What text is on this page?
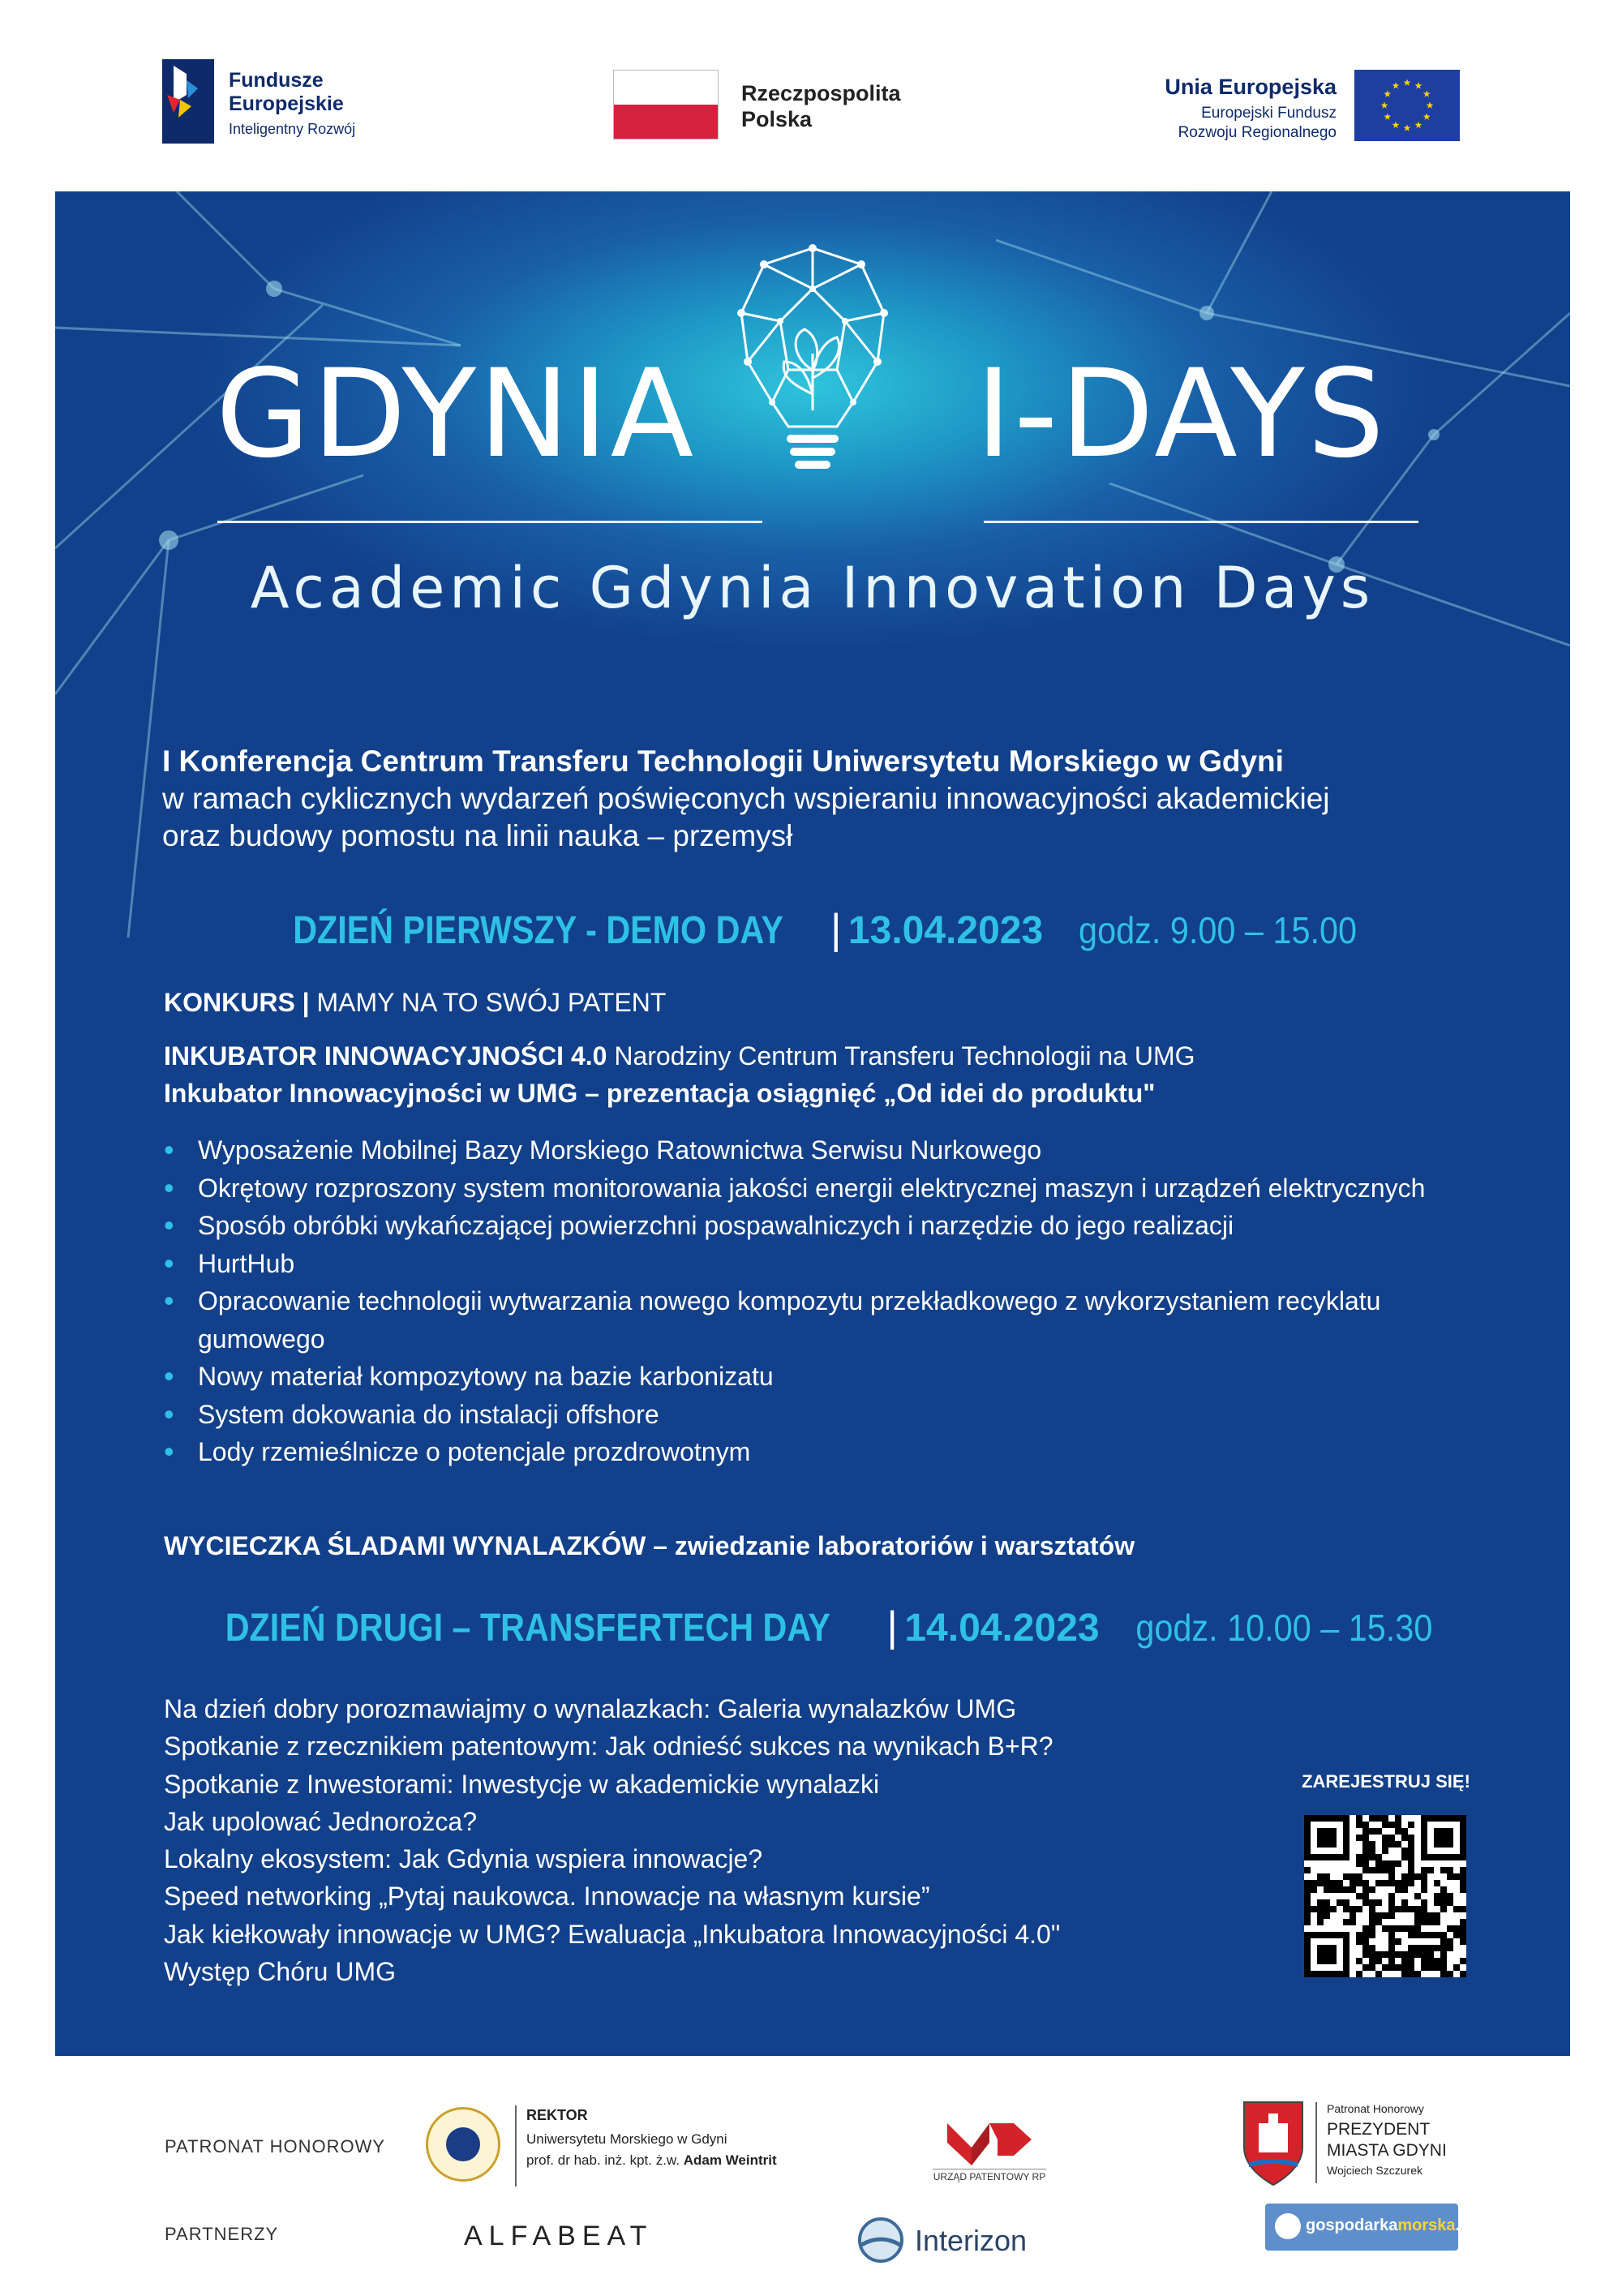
Fundusze
Europejskie
Inteligentny Rozwój
Rzeczpospolita
Polska
Unia Europejska
Europejski Fundusz
Rozwoju Regionalnego
GDYNIA I-DAYS
Academic Gdynia Innovation Days
I Konferencja Centrum Transferu Technologii Uniwersytetu Morskiego w Gdyni
w ramach cyklicznych wydarzeń poświęconych wspieraniu innowacyjności akademickiej
oraz budowy pomostu na linii nauka – przemysł
DZIEŃ PIERWSZY - DEMO DAY | 13.04.2023 godz. 9.00 – 15.00
KONKURS | MAMY NA TO SWÓJ PATENT
INKUBATOR INNOWACYJNOŚCI 4.0 Narodziny Centrum Transferu Technologii na UMG
Inkubator Innowacyjności w UMG – prezentacja osiągnięć „Od idei do produktu"
• Wyposażenie Mobilnej Bazy Morskiego Ratownictwa Serwisu Nurkowego
• Okrętowy rozproszony system monitorowania jakości energii elektrycznej maszyn i urządzeń elektrycznych
• Sposób obróbki wykańczającej powierzchni pospawalniczych i narzędzie do jego realizacji
• HurtHub
• Opracowanie technologii wytwarzania nowego kompozytu przekładkowego z wykorzystaniem recyklatu gumowego
• Nowy materiał kompozytowy na bazie karbonizatu
• System dokowania do instalacji offshore
• Lody rzemieślnicze o potencjale prozdrowotnym
WYCIECZKA ŚLADAMI WYNALAZKÓW – zwiedzanie laboratoriów i warsztatów
DZIEŃ DRUGI – TRANSFERTECH DAY | 14.04.2023 godz. 10.00 – 15.30
Na dzień dobry porozmawiajmy o wynalazkach: Galeria wynalazków UMG
Spotkanie z rzecznikiem patentowym: Jak odnieść sukces na wynikach B+R?
Spotkanie z Inwestorami: Inwestycje w akademickie wynalazki
Jak upolować Jednorożca?
Lokalny ekosystem: Jak Gdynia wspiera innowacje?
Speed networking „Pytaj naukowca. Innowacje na własnym kursie”
Jak kiełkowały innowacje w UMG? Ewaluacja „Inkubatora Innowacyjności 4.0"
Występ Chóru UMG
ZAREJESTRUJ SIĘ!
PATRONAT HONOROWY
PARTNERZY
REKTOR
Uniwersytetu Morskiego w Gdyni
prof. dr hab. inż. kpt. ż.w. Adam Weintrit
URZĄD PATENTOWY RP
Patronat Honorowy
PREZYDENT
MIASTA GDYNI
Wojciech Szczurek
ALFABEAT	Interizon	gospodarkamorska.pl
